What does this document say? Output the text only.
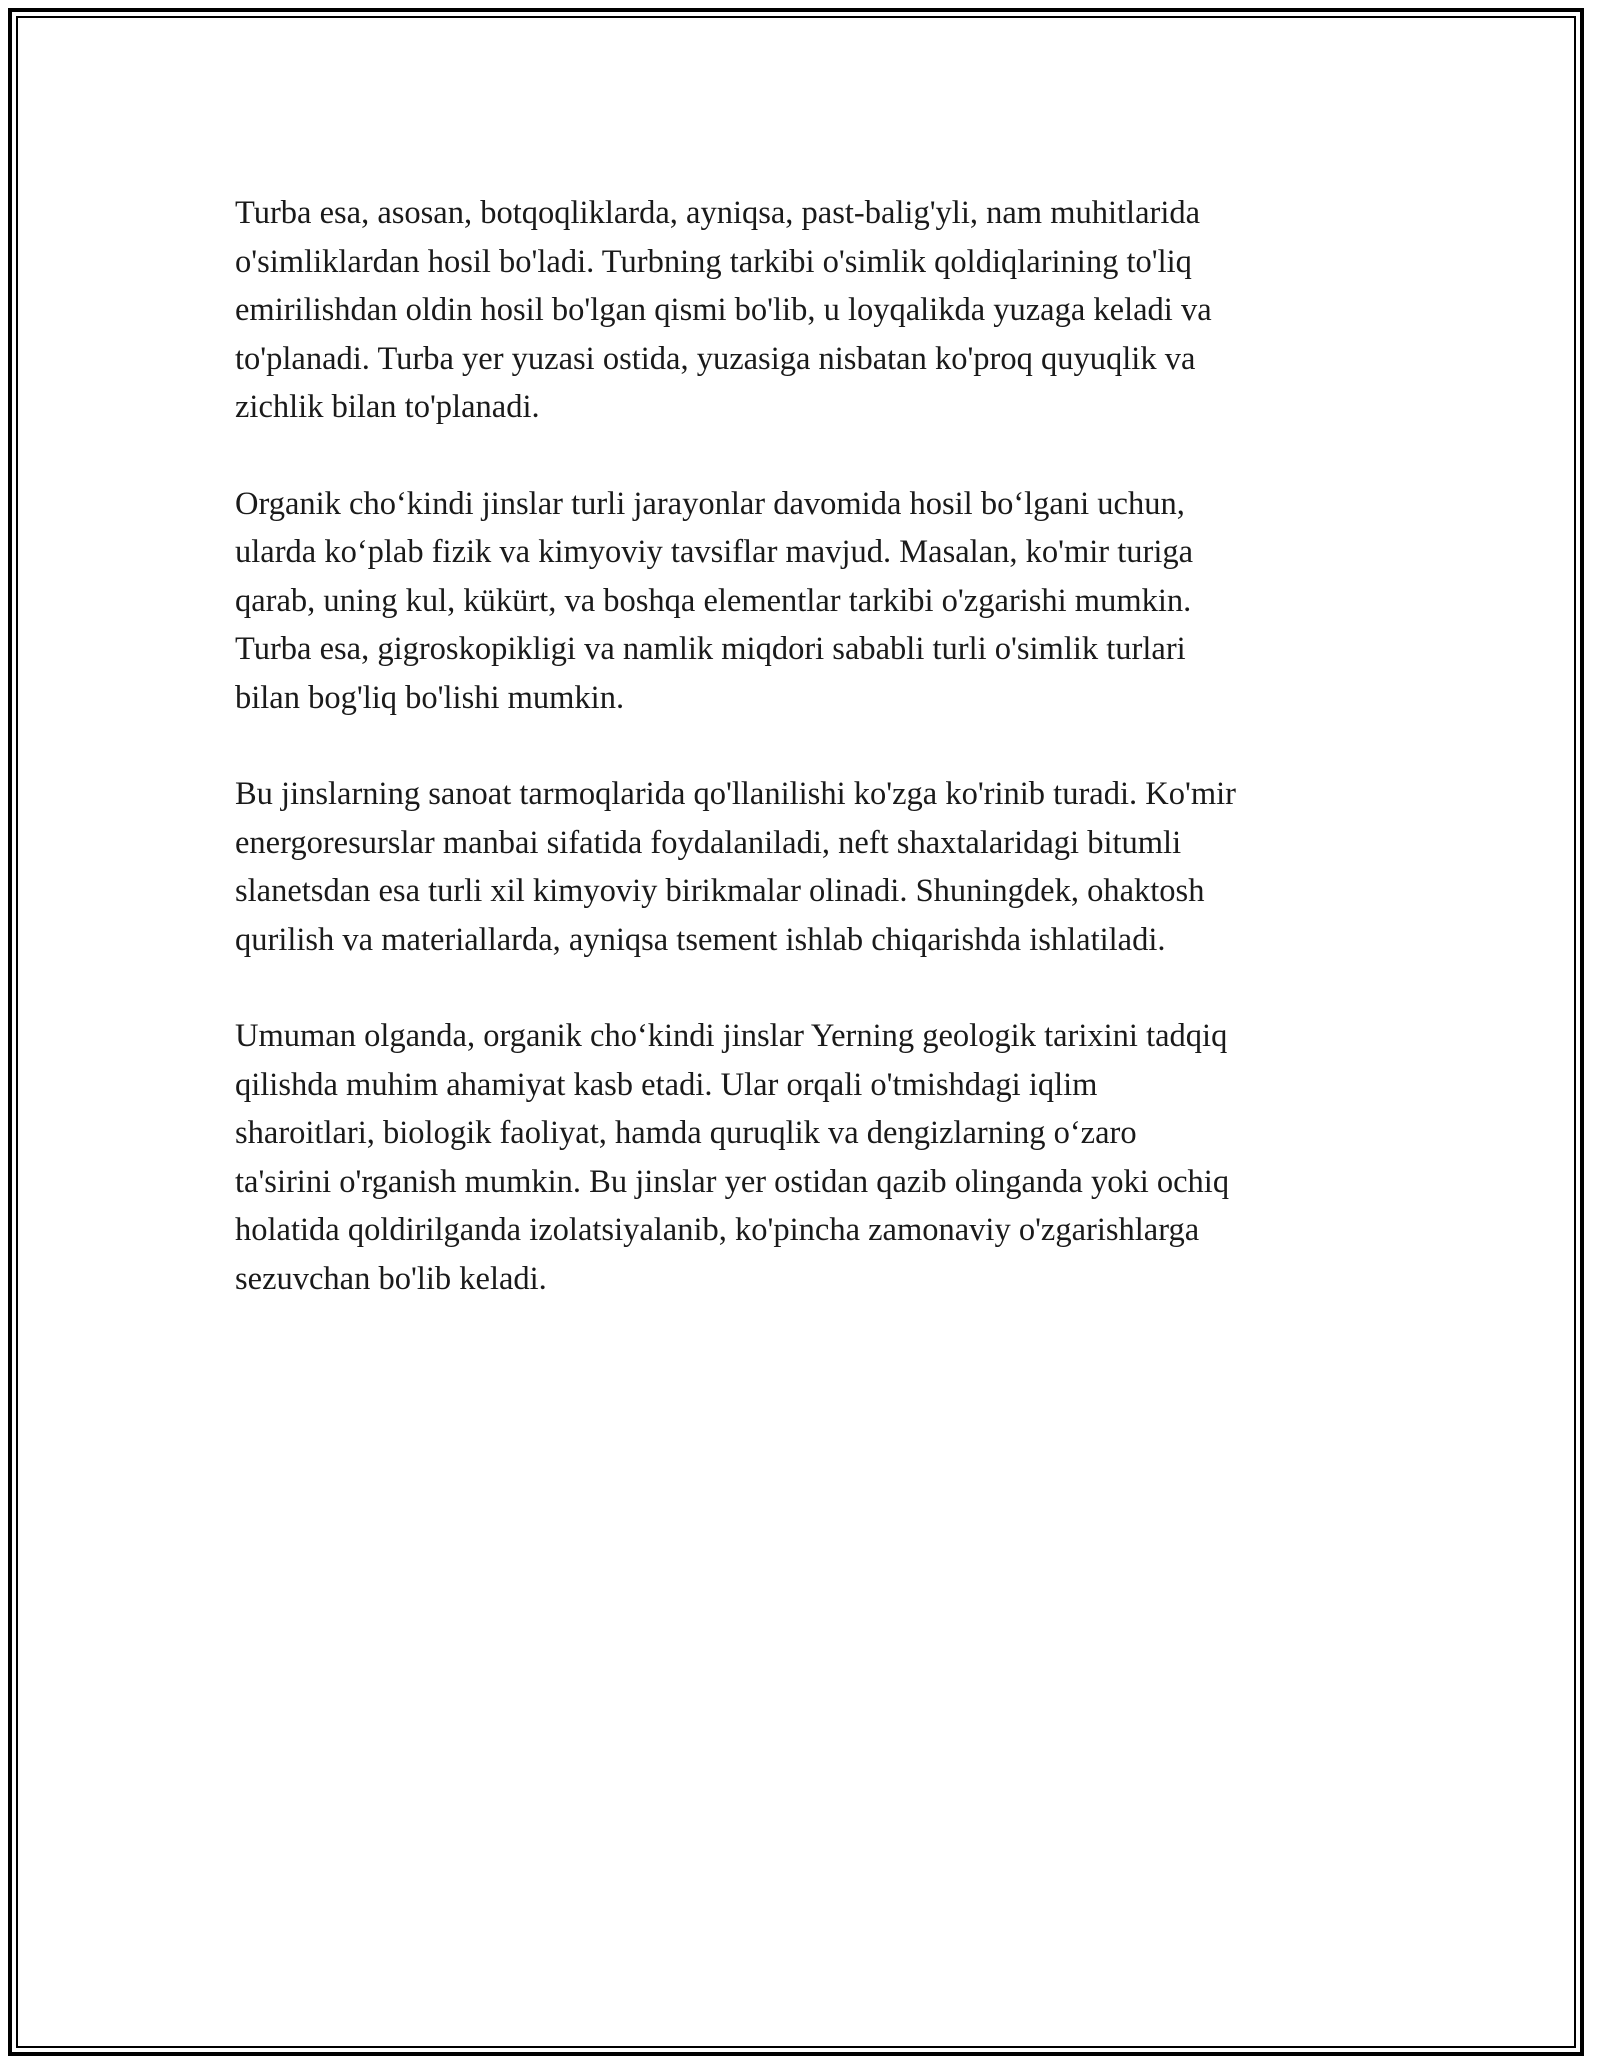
Turba esa, asosan, botqoqliklarda, ayniqsa, past-balig'yli, nam muhitlarida
o'simliklardan hosil bo'ladi. Turbning tarkibi o'simlik qoldiqlarining to'liq
emirilishdan oldin hosil bo'lgan qismi bo'lib, u loyqalikda yuzaga keladi va
to'planadi. Turba yer yuzasi ostida, yuzasiga nisbatan ko'proq quyuqlik va
zichlik bilan to'planadi.

Organik cho‘kindi jinslar turli jarayonlar davomida hosil bo‘lgani uchun,
ularda ko‘plab fizik va kimyoviy tavsiflar mavjud. Masalan, ko'mir turiga
qarab, uning kul, kükürt, va boshqa elementlar tarkibi o'zgarishi mumkin.
Turba esa, gigroskopikligi va namlik miqdori sababli turli o'simlik turlari
bilan bog'liq bo'lishi mumkin.

Bu jinslarning sanoat tarmoqlarida qo'llanilishi ko'zga ko'rinib turadi. Ko'mir
energoresurslar manbai sifatida foydalaniladi, neft shaxtalaridagi bitumli
slanetsdan esa turli xil kimyoviy birikmalar olinadi. Shuningdek, ohaktosh
qurilish va materiallarda, ayniqsa tsement ishlab chiqarishda ishlatiladi.

Umuman olganda, organik cho‘kindi jinslar Yerning geologik tarixini tadqiq
qilishda muhim ahamiyat kasb etadi. Ular orqali o'tmishdagi iqlim
sharoitlari, biologik faoliyat, hamda quruqlik va dengizlarning o‘zaro
ta'sirini o'rganish mumkin. Bu jinslar yer ostidan qazib olinganda yoki ochiq
holatida qoldirilganda izolatsiyalanib, ko'pincha zamonaviy o'zgarishlarga
sezuvchan bo'lib keladi.
